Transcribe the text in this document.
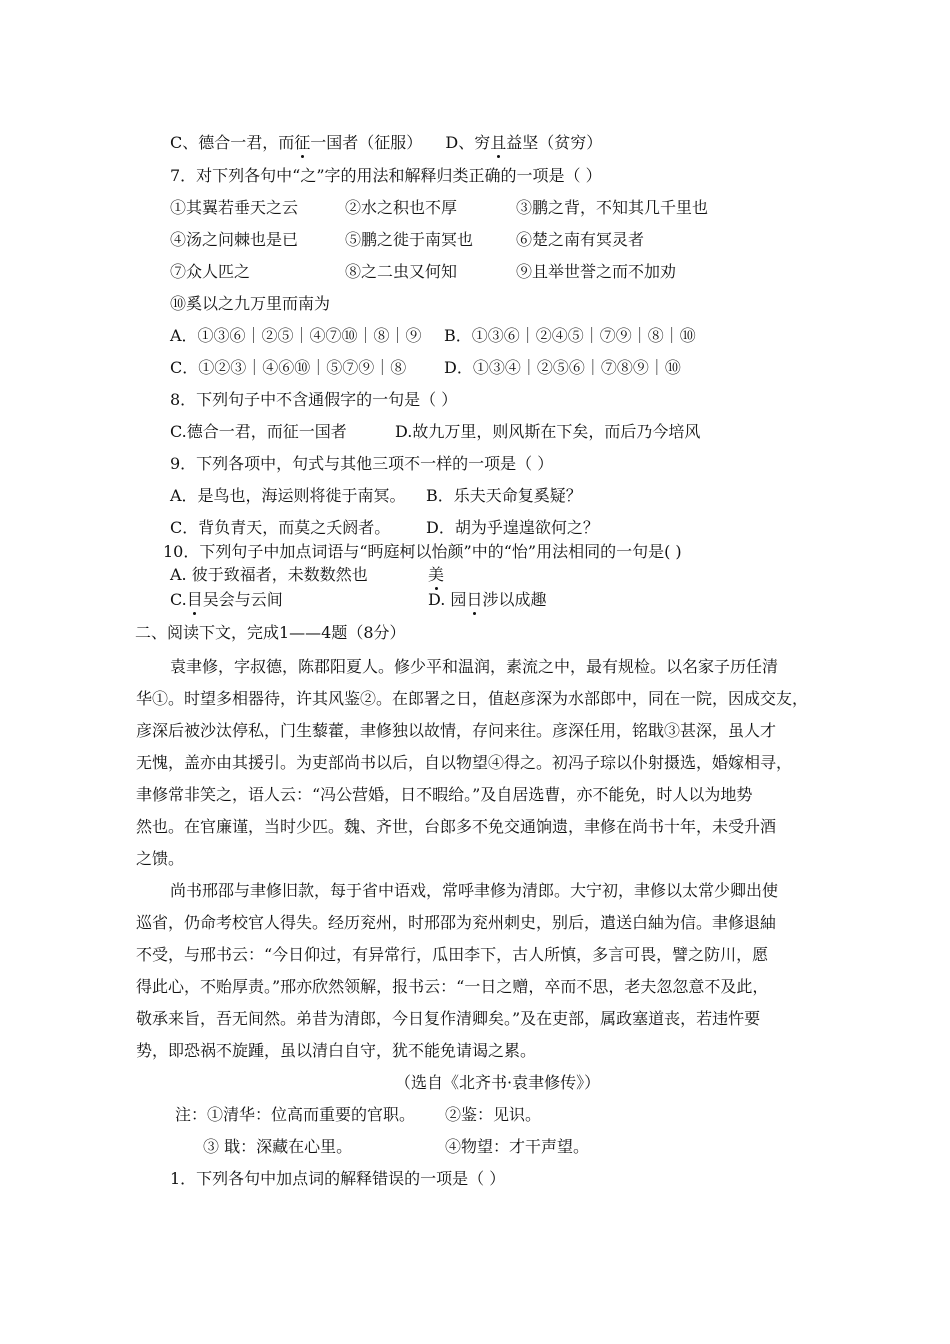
C、德合一君，而征一国者（征服） D、穷且益坚（贫穷）

7．对下列各句中“之”字的用法和解释归类正确的一项是（ ）

①其翼若垂天之云	②水之积也不厚	③鹏之背，不知其几千里也

④汤之问棘也是已	⑤鹏之徙于南冥也	⑥楚之南有冥灵者

⑦众人匹之	⑧之二虫又何知	⑨且举世誉之而不加劝

⑩奚以之九万里而南为

A．①③⑥｜②⑤｜④⑦⑩｜⑧｜⑨ B．①③⑥｜②④⑤｜⑦⑨｜⑧｜⑩

C．①②③｜④⑥⑩｜⑤⑦⑨｜⑧ D．①③④｜②⑤⑥｜⑦⑧⑨｜⑩

8．下列句子中不含通假字的一句是（ ）

C.德合一君，而征一国者	D.故九万里，则风斯在下矣，而后乃今培风

9．下列各项中，句式与其他三项不一样的一项是（ ）

A．是鸟也，海运则将徙于南冥。 B．乐夫天命复奚疑？

C．背负青天，而莫之夭阏者。 D．胡为乎遑遑欲何之？

10．下列句子中加点词语与“眄庭柯以怡颜”中的“怡”用法相同的一句是( )

A. 彼于致福者，未数数然也	美

C.目吴会与云间	D. 园日涉以成趣

二、阅读下文，完成1——4题（8分）

袁聿修，字叔德，陈郡阳夏人。修少平和温润，素流之中，最有规检。以名家子历任清

华①。时望多相器待，许其风鉴②。在郎署之日，值赵彦深为水部郎中，同在一院，因成交友，

彦深后被沙汰停私，门生藜藿，聿修独以故情，存问来往。彦深任用，铭戢③甚深，虽人才

无愧，盖亦由其援引。为吏部尚书以后，自以物望④得之。初冯子琮以仆射摄选，婚嫁相寻，

聿修常非笑之，语人云：“冯公营婚，日不暇给。”及自居选曹，亦不能免，时人以为地势

然也。在官廉谨，当时少匹。魏、齐世，台郎多不免交通饷遗，聿修在尚书十年，未受升酒

之馈。

尚书邢邵与聿修旧款，每于省中语戏，常呼聿修为清郎。大宁初，聿修以太常少卿出使

巡省，仍命考校官人得失。经历兖州，时邢邵为兖州刺史，别后，遣送白紬为信。聿修退紬

不受，与邢书云：“今日仰过，有异常行，瓜田李下，古人所慎，多言可畏，譬之防川，愿

得此心，不贻厚责。”邢亦欣然领解，报书云：“一日之赠，卒而不思，老夫忽忽意不及此，

敬承来旨，吾无间然。弟昔为清郎，今日复作清卿矣。”及在吏部，属政塞道丧，若违忤要

势，即恐祸不旋踵，虽以清白自守，犹不能免请谒之累。

（选自《北齐书·袁聿修传》）

注：①清华：位高而重要的官职。 ②鉴：见识。

③ 戢：深藏在心里。	④物望：才干声望。

1．下列各句中加点词的解释错误的一项是（ ）
